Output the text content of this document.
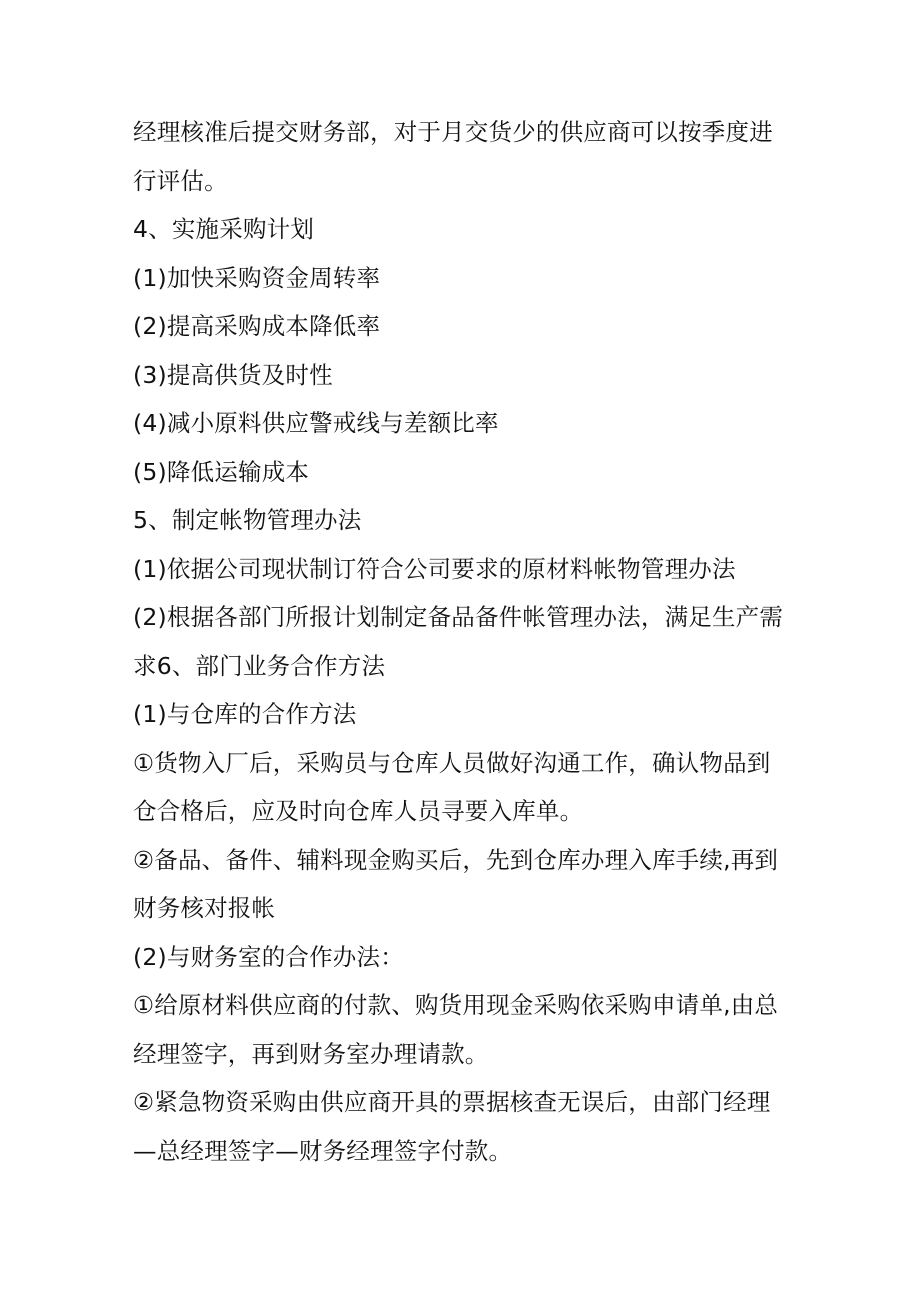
经理核准后提交财务部，对于月交货少的供应商可以按季度进行评估。

4、实施采购计划

(1)加快采购资金周转率

(2)提高采购成本降低率

(3)提高供货及时性

(4)减小原料供应警戒线与差额比率

(5)降低运输成本

5、制定帐物管理办法

(1)依据公司现状制订符合公司要求的原材料帐物管理办法

(2)根据各部门所报计划制定备品备件帐管理办法，满足生产需求6、部门业务合作方法

(1)与仓库的合作方法

①货物入厂后，采购员与仓库人员做好沟通工作，确认物品到仓合格后，应及时向仓库人员寻要入库单。

②备品、备件、辅料现金购买后，先到仓库办理入库手续,再到财务核对报帐

(2)与财务室的合作办法：

①给原材料供应商的付款、购货用现金采购依采购申请单,由总经理签字，再到财务室办理请款。

②紧急物资采购由供应商开具的票据核查无误后，由部门经理—总经理签字—财务经理签字付款。
